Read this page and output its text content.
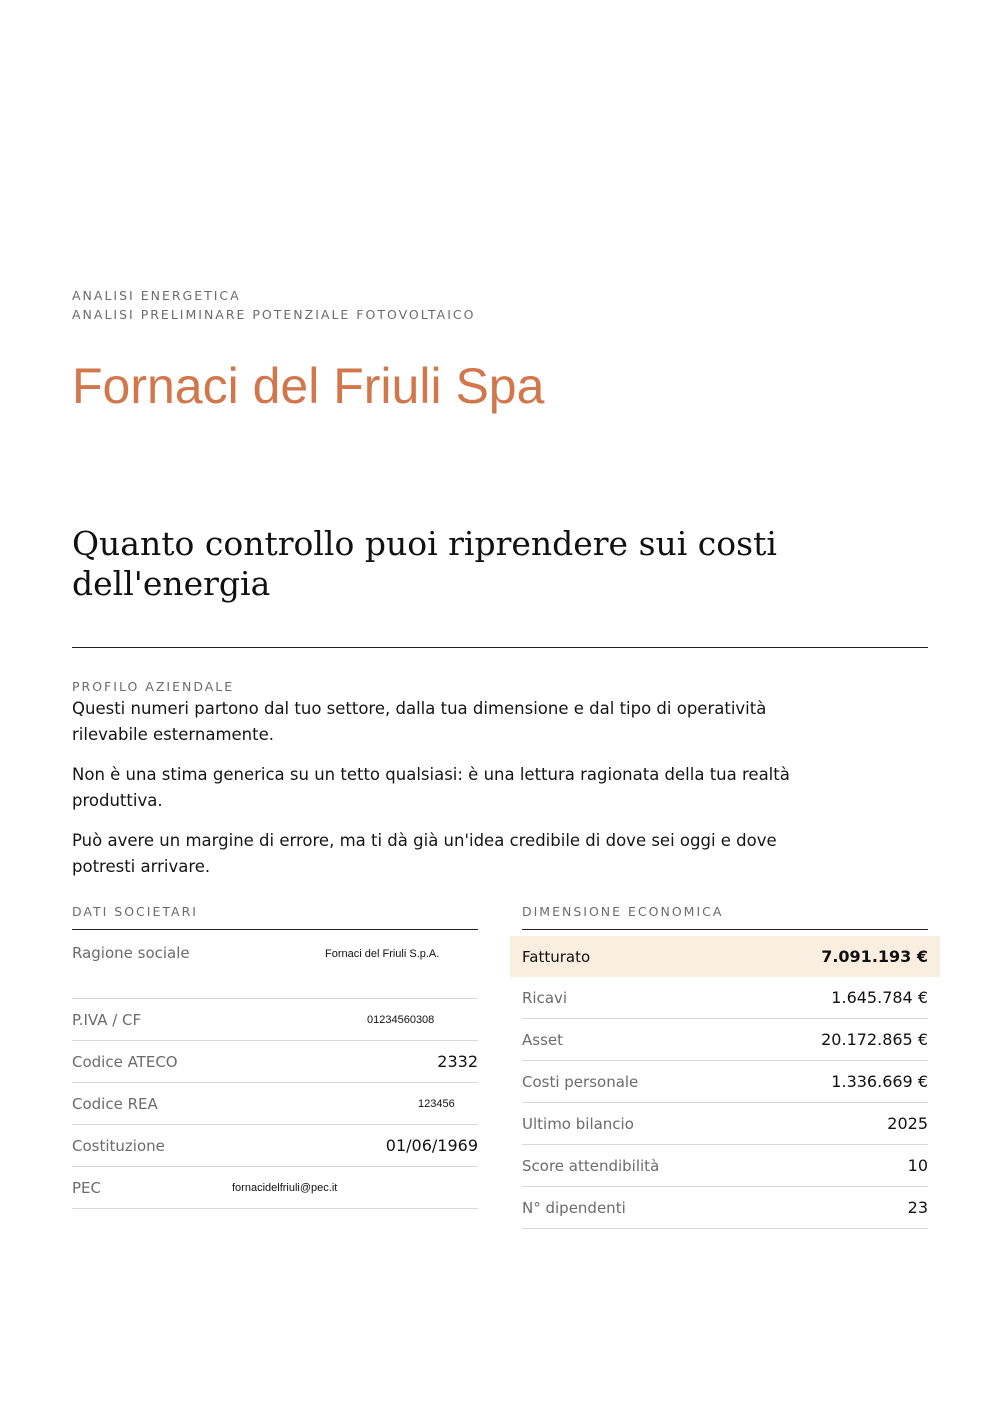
ANALISI ENERGETICA
ANALISI PRELIMINARE POTENZIALE FOTOVOLTAICO
Fornaci del Friuli Spa
Quanto controllo puoi riprendere sui costi dell'energia
PROFILO AZIENDALE

Questi numeri partono dal tuo settore, dalla tua dimensione e dal tipo di operatività rilevabile esternamente.

Non è una stima generica su un tetto qualsiasi: è una lettura ragionata della tua realtà produttiva.

Può avere un margine di errore, ma ti dà già un'idea credibile di dove sei oggi e dove potresti arrivare.

DATI SOCIETARI
Ragione sociale	Fornaci del Friuli S.p.A.
P.IVA / CF	01234560308
Codice ATECO	2332
Codice REA	123456
Costituzione	01/06/1969
PEC	fornacidelfriuli@pec.it
DIMENSIONE ECONOMICA
Fatturato	7.091.193 €
Ricavi	1.645.784 €
Asset	20.172.865 €
Costi personale	1.336.669 €
Ultimo bilancio	2025
Score attendibilità	10
N° dipendenti	23
